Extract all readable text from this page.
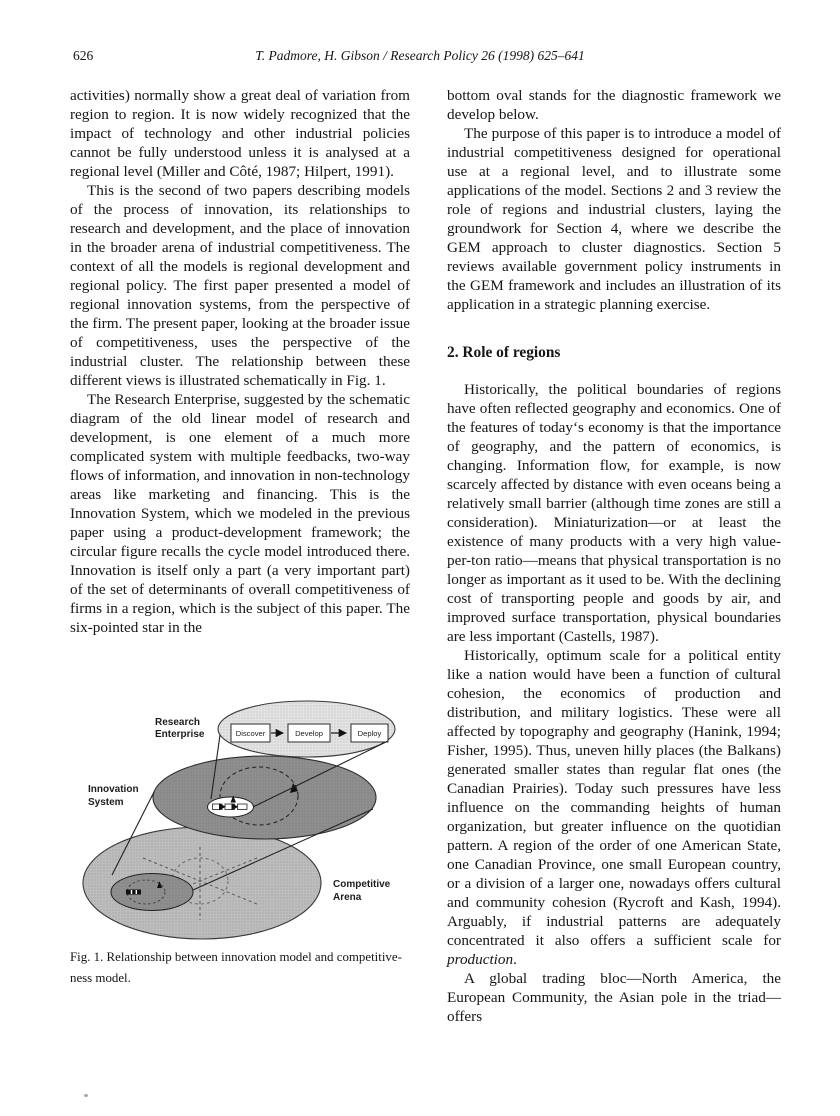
626	T. Padmore, H. Gibson / Research Policy 26 (1998) 625–641

activities) normally show a great deal of variation from region to region. It is now widely recognized that the impact of technology and other industrial policies cannot be fully understood unless it is analysed at a regional level (Miller and Côté, 1987; Hilpert, 1991).

This is the second of two papers describing models of the process of innovation, its relationships to research and development, and the place of innovation in the broader arena of industrial competitiveness. The context of all the models is regional development and regional policy. The first paper presented a model of regional innovation systems, from the perspective of the firm. The present paper, looking at the broader issue of competitiveness, uses the perspective of the industrial cluster. The relationship between these different views is illustrated schematically in Fig. 1.

The Research Enterprise, suggested by the schematic diagram of the old linear model of research and development, is one element of a much more complicated system with multiple feedbacks, two-way flows of information, and innovation in non-technology areas like marketing and financing. This is the Innovation System, which we modeled in the previous paper using a product-development framework; the circular figure recalls the cycle model introduced there. Innovation is itself only a part (a very important part) of the set of determinants of overall competitiveness of firms in a region, which is the subject of this paper. The six-pointed star in the

bottom oval stands for the diagnostic framework we develop below.

The purpose of this paper is to introduce a model of industrial competitiveness designed for operational use at a regional level, and to illustrate some applications of the model. Sections 2 and 3 review the role of regions and industrial clusters, laying the groundwork for Section 4, where we describe the GEM approach to cluster diagnostics. Section 5 reviews available government policy instruments in the GEM framework and includes an illustration of its application in a strategic planning exercise.

2. Role of regions

Historically, the political boundaries of regions have often reflected geography and economics. One of the features of today‘s economy is that the importance of geography, and the pattern of economics, is changing. Information flow, for example, is now scarcely affected by distance with even oceans being a relatively small barrier (although time zones are still a consideration). Miniaturization—or at least the existence of many products with a very high value-per-ton ratio—means that physical transportation is no longer as important as it used to be. With the declining cost of transporting people and goods by air, and improved surface transportation, physical boundaries are less important (Castells, 1987).

Historically, optimum scale for a political entity like a nation would have been a function of cultural cohesion, the economics of production and distribution, and military logistics. These were all affected by topography and geography (Hanink, 1994; Fisher, 1995). Thus, uneven hilly places (the Balkans) generated smaller states than regular flat ones (the Canadian Prairies). Today such pressures have less influence on the commanding heights of human organization, but greater influence on the quotidian pattern. A region of the order of one American State, one Canadian Province, one small European country, or a division of a larger one, nowadays offers cultural and community cohesion (Rycroft and Kash, 1994). Arguably, if industrial patterns are adequately concentrated it also offers a sufficient scale for production.

A global trading bloc—North America, the European Community, the Asian pole in the triad—offers

Discover	Develop	Deploy
Research
Enterprise
Innovation
System
Competitive
Arena
Fig. 1. Relationship between innovation model and competitive-
ness model.
